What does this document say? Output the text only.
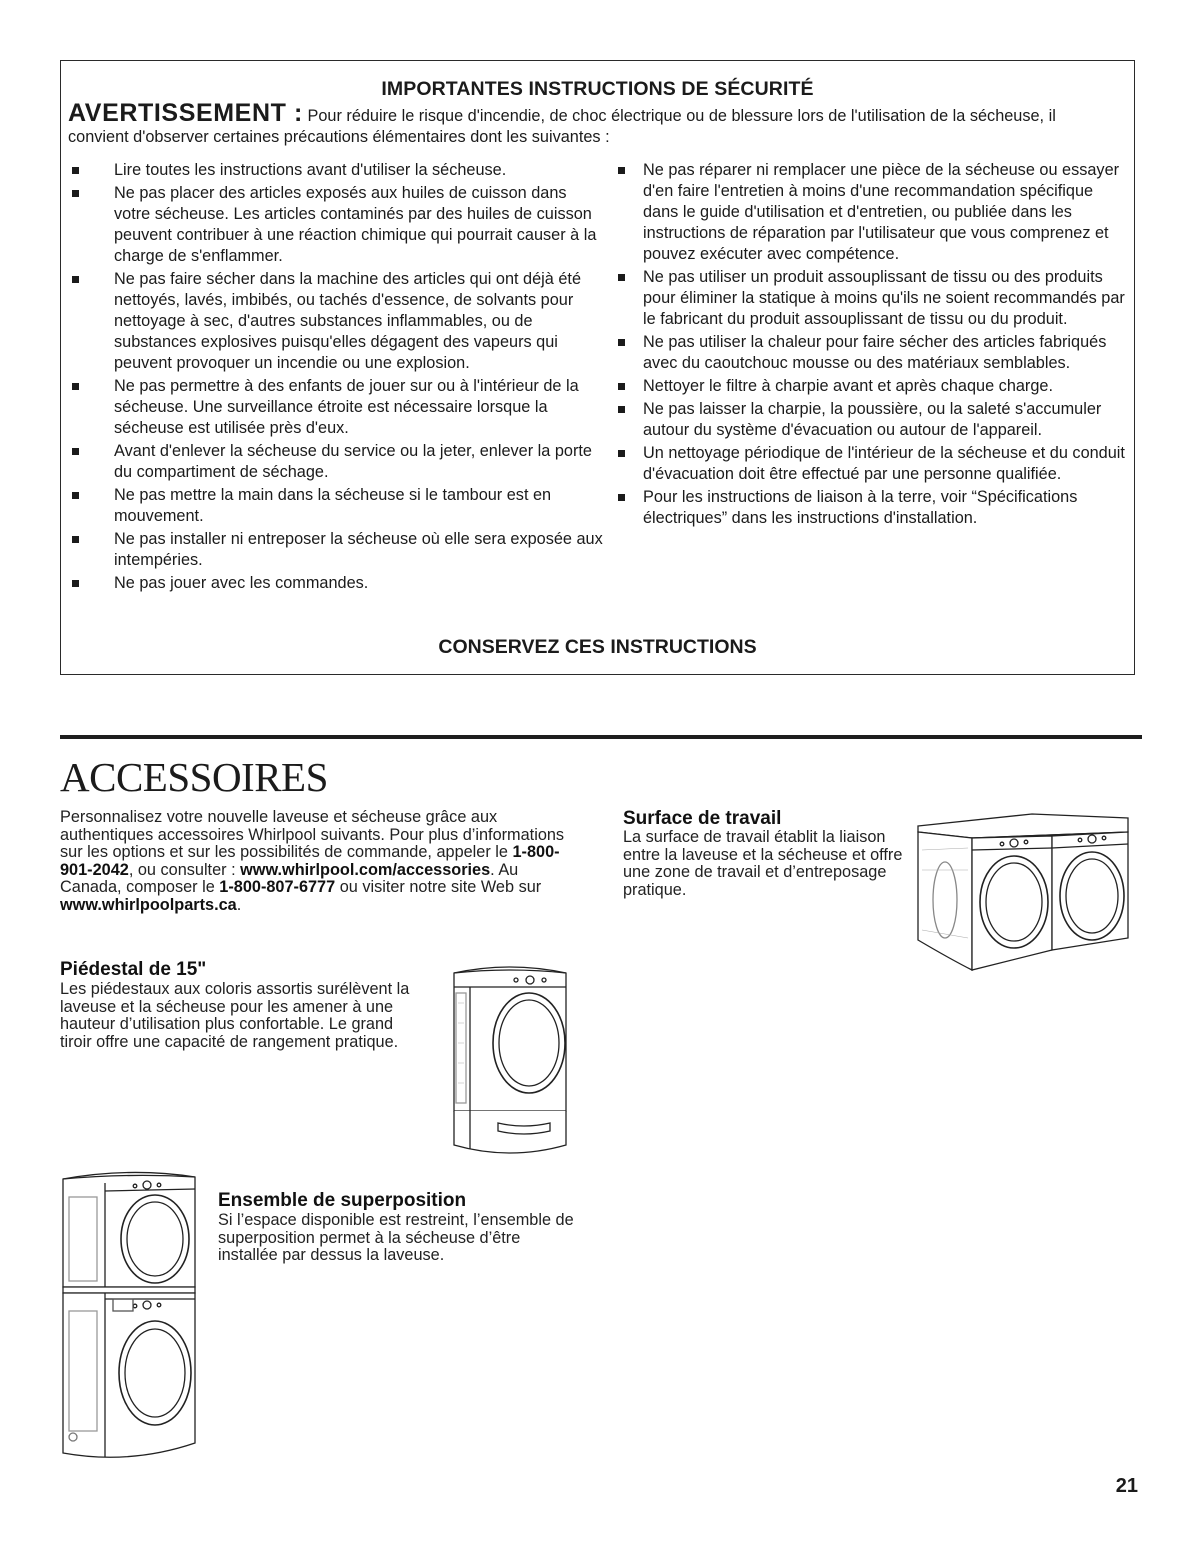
IMPORTANTES INSTRUCTIONS DE SÉCURITÉ

AVERTISSEMENT : Pour réduire le risque d'incendie, de choc électrique ou de blessure lors de l'utilisation de la sécheuse, il convient d'observer certaines précautions élémentaires dont les suivantes :

Lire toutes les instructions avant d'utiliser la sécheuse.
Ne pas placer des articles exposés aux huiles de cuisson dans votre sécheuse. Les articles contaminés par des huiles de cuisson peuvent contribuer à une réaction chimique qui pourrait causer à la charge de s'enflammer.
Ne pas faire sécher dans la machine des articles qui ont déjà été nettoyés, lavés, imbibés, ou tachés d'essence, de solvants pour nettoyage à sec, d'autres substances inflammables, ou de substances explosives puisqu'elles dégagent des vapeurs qui peuvent provoquer un incendie ou une explosion.
Ne pas permettre à des enfants de jouer sur ou à l'intérieur de la sécheuse. Une surveillance étroite est nécessaire lorsque la sécheuse est utilisée près d'eux.
Avant d'enlever la sécheuse du service ou la jeter, enlever la porte du compartiment de séchage.
Ne pas mettre la main dans la sécheuse si le tambour est en mouvement.
Ne pas installer ni entreposer la sécheuse où elle sera exposée aux intempéries.
Ne pas jouer avec les commandes.
Ne pas réparer ni remplacer une pièce de la sécheuse ou essayer d'en faire l'entretien à moins d'une recommandation spécifique dans le guide d'utilisation et d'entretien, ou publiée dans les instructions de réparation par l'utilisateur que vous comprenez et pouvez exécuter avec compétence.
Ne pas utiliser un produit assouplissant de tissu ou des produits pour éliminer la statique à moins qu'ils ne soient recommandés par le fabricant du produit assouplissant de tissu ou du produit.
Ne pas utiliser la chaleur pour faire sécher des articles fabriqués avec du caoutchouc mousse ou des matériaux semblables.
Nettoyer le filtre à charpie avant et après chaque charge.
Ne pas laisser la charpie, la poussière, ou la saleté s'accumuler autour du système d'évacuation ou autour de l'appareil.
Un nettoyage périodique de l'intérieur de la sécheuse et du conduit d'évacuation doit être effectué par une personne qualifiée.
Pour les instructions de liaison à la terre, voir “Spécifications électriques” dans les instructions d'installation.
CONSERVEZ CES INSTRUCTIONS
ACCESSOIRES

Personnalisez votre nouvelle laveuse et sécheuse grâce aux authentiques accessoires Whirlpool suivants. Pour plus d’informations sur les options et sur les possibilités de commande, appeler le 1-800-901-2042, ou consulter : www.whirlpool.com/accessories. Au Canada, composer le 1-800-807-6777 ou visiter notre site Web sur www.whirlpoolparts.ca.

Piédestal de 15"

Les piédestaux aux coloris assortis surélèvent la laveuse et la sécheuse pour les amener à une hauteur d’utilisation plus confortable. Le grand tiroir offre une capacité de rangement pratique.

Surface de travail

La surface de travail établit la liaison entre la laveuse et la sécheuse et offre une zone de travail et d’entreposage pratique.

Ensemble de superposition

Si l’espace disponible est restreint, l’ensemble de superposition permet à la sécheuse d’être installée par dessus la laveuse.

21
